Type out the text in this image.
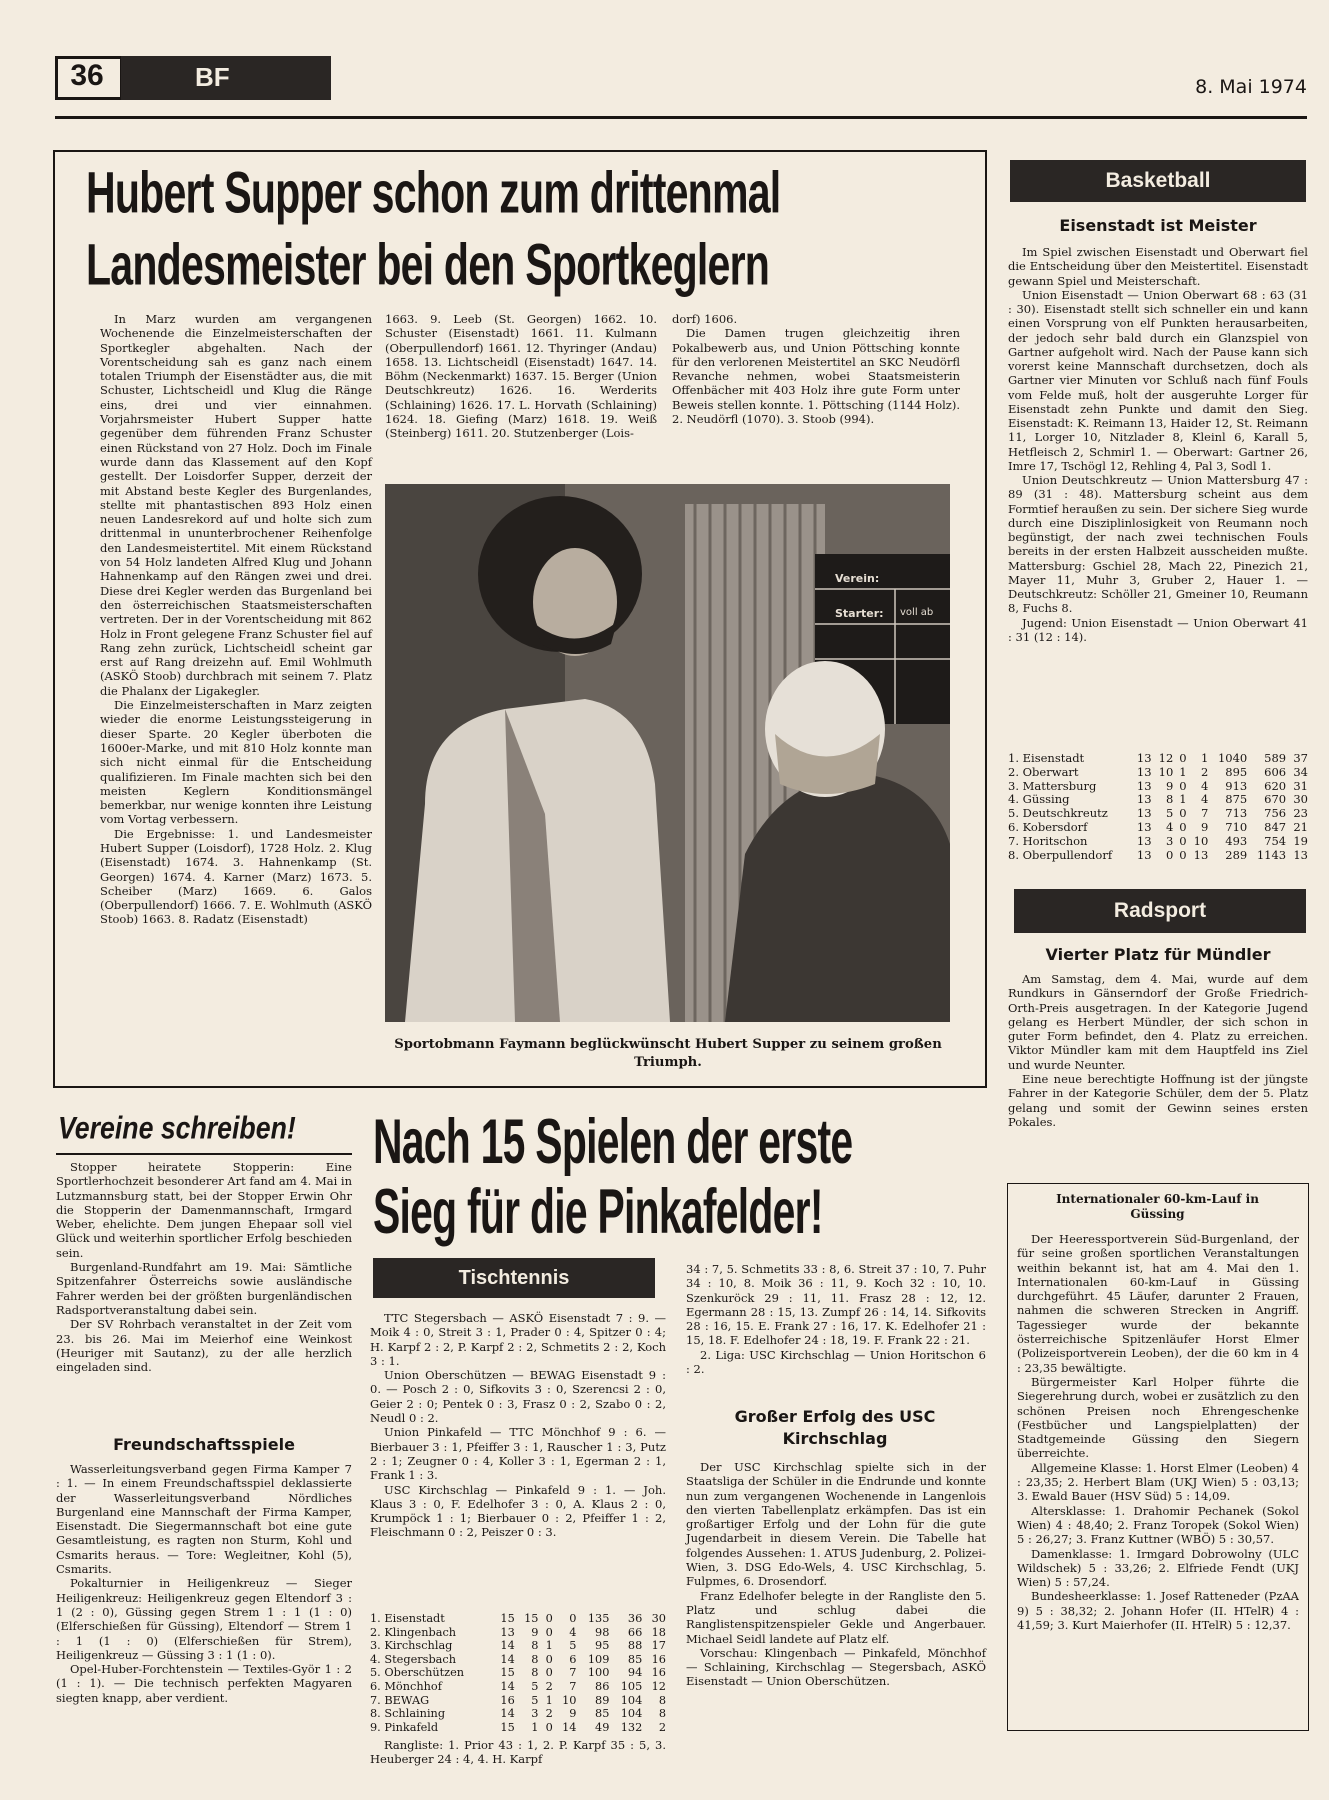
36	BF	8. Mai 1974
Hubert Supper schon zum drittenmal
Landesmeister bei den Sportkeglern

In Marz wurden am vergangenen Wochenende die Einzelmeisterschaften der Sportkegler abgehalten. Nach der Vorentscheidung sah es ganz nach einem totalen Triumph der Eisenstädter aus, die mit Schuster, Lichtscheidl und Klug die Ränge eins, drei und vier einnahmen. Vorjahrsmeister Hubert Supper hatte gegenüber dem führenden Franz Schuster einen Rückstand von 27 Holz. Doch im Finale wurde dann das Klassement auf den Kopf gestellt. Der Loisdorfer Supper, derzeit der mit Abstand beste Kegler des Burgenlandes, stellte mit phantastischen 893 Holz einen neuen Landesrekord auf und holte sich zum drittenmal in ununterbrochener Reihenfolge den Landesmeistertitel. Mit einem Rückstand von 54 Holz landeten Alfred Klug und Johann Hahnenkamp auf den Rängen zwei und drei. Diese drei Kegler werden das Burgenland bei den österreichischen Staatsmeisterschaften vertreten. Der in der Vorentscheidung mit 862 Holz in Front gelegene Franz Schuster fiel auf Rang zehn zurück, Lichtscheidl scheint gar erst auf Rang dreizehn auf. Emil Wohlmuth (ASKÖ Stoob) durchbrach mit seinem 7. Platz die Phalanx der Ligakegler.

Die Einzelmeisterschaften in Marz zeigten wieder die enorme Leistungssteigerung in dieser Sparte. 20 Kegler überboten die 1600er-Marke, und mit 810 Holz konnte man sich nicht einmal für die Entscheidung qualifizieren. Im Finale machten sich bei den meisten Keglern Konditionsmängel bemerkbar, nur wenige konnten ihre Leistung vom Vortag verbessern.

Die Ergebnisse: 1. und Landesmeister Hubert Supper (Loisdorf), 1728 Holz. 2. Klug (Eisenstadt) 1674. 3. Hahnenkamp (St. Georgen) 1674. 4. Karner (Marz) 1673. 5. Scheiber (Marz) 1669. 6. Galos (Oberpullendorf) 1666. 7. E. Wohlmuth (ASKÖ Stoob) 1663. 8. Radatz (Eisenstadt)

1663. 9. Leeb (St. Georgen) 1662. 10. Schuster (Eisenstadt) 1661. 11. Kulmann (Oberpullendorf) 1661. 12. Thyringer (Andau) 1658. 13. Lichtscheidl (Eisenstadt) 1647. 14. Böhm (Neckenmarkt) 1637. 15. Berger (Union Deutschkreutz) 1626. 16. Werderits (Schlaining) 1626. 17. L. Horvath (Schlaining) 1624. 18. Giefing (Marz) 1618. 19. Weiß (Steinberg) 1611. 20. Stutzenberger (Lois-

dorf) 1606.

Die Damen trugen gleichzeitig ihren Pokalbewerb aus, und Union Pöttsching konnte für den verlorenen Meistertitel an SKC Neudörfl Revanche nehmen, wobei Staatsmeisterin Offenbächer mit 403 Holz ihre gute Form unter Beweis stellen konnte. 1. Pöttsching (1144 Holz). 2. Neudörfl (1070). 3. Stoob (994).

Verein:
Starter: voll ab
Sportobmann Faymann beglückwünscht Hubert Supper zu seinem großen Triumph.
Basketball
Eisenstadt ist Meister

Im Spiel zwischen Eisenstadt und Oberwart fiel die Entscheidung über den Meistertitel. Eisenstadt gewann Spiel und Meisterschaft.

Union Eisenstadt — Union Oberwart 68 : 63 (31 : 30). Eisenstadt stellt sich schneller ein und kann einen Vorsprung von elf Punkten herausarbeiten, der jedoch sehr bald durch ein Glanzspiel von Gartner aufgeholt wird. Nach der Pause kann sich vorerst keine Mannschaft durchsetzen, doch als Gartner vier Minuten vor Schluß nach fünf Fouls vom Felde muß, holt der ausgeruhte Lorger für Eisenstadt zehn Punkte und damit den Sieg. Eisenstadt: K. Reimann 13, Haider 12, St. Reimann 11, Lorger 10, Nitzlader 8, Kleinl 6, Karall 5, Hetfleisch 2, Schmirl 1. — Oberwart: Gartner 26, Imre 17, Tschögl 12, Rehling 4, Pal 3, Sodl 1.

Union Deutschkreutz — Union Mattersburg 47 : 89 (31 : 48). Mattersburg scheint aus dem Formtief heraußen zu sein. Der sichere Sieg wurde durch eine Disziplinlosigkeit von Reumann noch begünstigt, der nach zwei technischen Fouls bereits in der ersten Halbzeit ausscheiden mußte. Mattersburg: Gschiel 28, Mach 22, Pinezich 21, Mayer 11, Muhr 3, Gruber 2, Hauer 1. — Deutschkreutz: Schöller 21, Gmeiner 10, Reumann 8, Fuchs 8.

Jugend: Union Eisenstadt — Union Oberwart 41 : 31 (12 : 14).

1. Eisenstadt	13	12	0	1	1040	589	37
2. Oberwart	13	10	1	2	895	606	34
3. Mattersburg	13	9	0	4	913	620	31
4. Güssing	13	8	1	4	875	670	30
5. Deutschkreutz	13	5	0	7	713	756	23
6. Kobersdorf	13	4	0	9	710	847	21
7. Horitschon	13	3	0	10	493	754	19
8. Oberpullendorf	13	0	0	13	289	1143	13
Radsport
Vierter Platz für Mündler

Am Samstag, dem 4. Mai, wurde auf dem Rundkurs in Gänserndorf der Große Friedrich-Orth-Preis ausgetragen. In der Kategorie Jugend gelang es Herbert Mündler, der sich schon in guter Form befindet, den 4. Platz zu erreichen. Viktor Mündler kam mit dem Hauptfeld ins Ziel und wurde Neunter.

Eine neue berechtigte Hoffnung ist der jüngste Fahrer in der Kategorie Schüler, dem der 5. Platz gelang und somit der Gewinn seines ersten Pokales.

Internationaler 60-km-Lauf in Güssing

Der Heeressportverein Süd-Burgenland, der für seine großen sportlichen Veranstaltungen weithin bekannt ist, hat am 4. Mai den 1. Internationalen 60-km-Lauf in Güssing durchgeführt. 45 Läufer, darunter 2 Frauen, nahmen die schweren Strecken in Angriff. Tagessieger wurde der bekannte österreichische Spitzenläufer Horst Elmer (Polizeisportverein Leoben), der die 60 km in 4 : 23,35 bewältigte.

Bürgermeister Karl Holper führte die Siegerehrung durch, wobei er zusätzlich zu den schönen Preisen noch Ehrengeschenke (Festbücher und Langspielplatten) der Stadtgemeinde Güssing den Siegern überreichte.

Allgemeine Klasse: 1. Horst Elmer (Leoben) 4 : 23,35; 2. Herbert Blam (UKJ Wien) 5 : 03,13; 3. Ewald Bauer (HSV Süd) 5 : 14,09.

Altersklasse: 1. Drahomir Pechanek (Sokol Wien) 4 : 48,40; 2. Franz Toropek (Sokol Wien) 5 : 26,27; 3. Franz Kuttner (WBÖ) 5 : 30,57.

Damenklasse: 1. Irmgard Dobrowolny (ULC Wildschek) 5 : 33,26; 2. Elfriede Fendt (UKJ Wien) 5 : 57,24.

Bundesheerklasse: 1. Josef Ratteneder (PzAA 9) 5 : 38,32; 2. Johann Hofer (II. HTelR) 4 : 41,59; 3. Kurt Maierhofer (II. HTelR) 5 : 12,37.

Vereine schreiben!

Stopper heiratete Stopperin: Eine Sportlerhochzeit besonderer Art fand am 4. Mai in Lutzmannsburg statt, bei der Stopper Erwin Ohr die Stopperin der Damenmannschaft, Irmgard Weber, ehelichte. Dem jungen Ehepaar soll viel Glück und weiterhin sportlicher Erfolg beschieden sein.

Burgenland-Rundfahrt am 19. Mai: Sämtliche Spitzenfahrer Österreichs sowie ausländische Fahrer werden bei der größten burgenländischen Radsportveranstaltung dabei sein.

Der SV Rohrbach veranstaltet in der Zeit vom 23. bis 26. Mai im Meierhof eine Weinkost (Heuriger mit Sautanz), zu der alle herzlich eingeladen sind.

Freundschaftsspiele

Wasserleitungsverband gegen Firma Kamper 7 : 1. — In einem Freundschaftsspiel deklassierte der Wasserleitungsverband Nördliches Burgenland eine Mannschaft der Firma Kamper, Eisenstadt. Die Siegermannschaft bot eine gute Gesamtleistung, es ragten non Sturm, Kohl und Csmarits heraus. — Tore: Wegleitner, Kohl (5), Csmarits.

Pokalturnier in Heiligenkreuz — Sieger Heiligenkreuz: Heiligenkreuz gegen Eltendorf 3 : 1 (2 : 0), Güssing gegen Strem 1 : 1 (1 : 0) (Elferschießen für Güssing), Eltendorf — Strem 1 : 1 (1 : 0) (Elferschießen für Strem), Heiligenkreuz — Güssing 3 : 1 (1 : 0).

Opel-Huber-Forchtenstein — Textiles-Györ 1 : 2 (1 : 1). — Die technisch perfekten Magyaren siegten knapp, aber verdient.

Nach 15 Spielen der erste
Sieg für die Pinkafelder!
Tischtennis

TTC Stegersbach — ASKÖ Eisenstadt 7 : 9. — Moik 4 : 0, Streit 3 : 1, Prader 0 : 4, Spitzer 0 : 4; H. Karpf 2 : 2, P. Karpf 2 : 2, Schmetits 2 : 2, Koch 3 : 1.

Union Oberschützen — BEWAG Eisenstadt 9 : 0. — Posch 2 : 0, Sifkovits 3 : 0, Szerencsi 2 : 0, Geier 2 : 0; Pentek 0 : 3, Frasz 0 : 2, Szabo 0 : 2, Neudl 0 : 2.

Union Pinkafeld — TTC Mönchhof 9 : 6. — Bierbauer 3 : 1, Pfeiffer 3 : 1, Rauscher 1 : 3, Putz 2 : 1; Zeugner 0 : 4, Koller 3 : 1, Egerman 2 : 1, Frank 1 : 3.

USC Kirchschlag — Pinkafeld 9 : 1. — Joh. Klaus 3 : 0, F. Edelhofer 3 : 0, A. Klaus 2 : 0, Krumpöck 1 : 1; Bierbauer 0 : 2, Pfeiffer 1 : 2, Fleischmann 0 : 2, Peiszer 0 : 3.

1. Eisenstadt	15	15	0	0	135	36	30
2. Klingenbach	13	9	0	4	98	66	18
3. Kirchschlag	14	8	1	5	95	88	17
4. Stegersbach	14	8	0	6	109	85	16
5. Oberschützen	15	8	0	7	100	94	16
6. Mönchhof	14	5	2	7	86	105	12
7. BEWAG	16	5	1	10	89	104	8
8. Schlaining	14	3	2	9	85	104	8
9. Pinkafeld	15	1	0	14	49	132	2
Rangliste: 1. Prior 43 : 1, 2. P. Karpf 35 : 5, 3. Heuberger 24 : 4, 4. H. Karpf

34 : 7, 5. Schmetits 33 : 8, 6. Streit 37 : 10, 7. Puhr 34 : 10, 8. Moik 36 : 11, 9. Koch 32 : 10, 10. Szenkuröck 29 : 11, 11. Frasz 28 : 12, 12. Egermann 28 : 15, 13. Zumpf 26 : 14, 14. Sifkovits 28 : 16, 15. E. Frank 27 : 16, 17. K. Edelhofer 21 : 15, 18. F. Edelhofer 24 : 18, 19. F. Frank 22 : 21.

2. Liga: USC Kirchschlag — Union Horitschon 6 : 2.

Großer Erfolg des USC Kirchschlag

Der USC Kirchschlag spielte sich in der Staatsliga der Schüler in die Endrunde und konnte nun zum vergangenen Wochenende in Langenlois den vierten Tabellenplatz erkämpfen. Das ist ein großartiger Erfolg und der Lohn für die gute Jugendarbeit in diesem Verein. Die Tabelle hat folgendes Aussehen: 1. ATUS Judenburg, 2. Polizei-Wien, 3. DSG Edo-Wels, 4. USC Kirchschlag, 5. Fulpmes, 6. Drosendorf.

Franz Edelhofer belegte in der Rangliste den 5. Platz und schlug dabei die Ranglistenspitzenspieler Gekle und Angerbauer. Michael Seidl landete auf Platz elf.

Vorschau: Klingenbach — Pinkafeld, Mönchhof — Schlaining, Kirchschlag — Stegersbach, ASKÖ Eisenstadt — Union Oberschützen.
